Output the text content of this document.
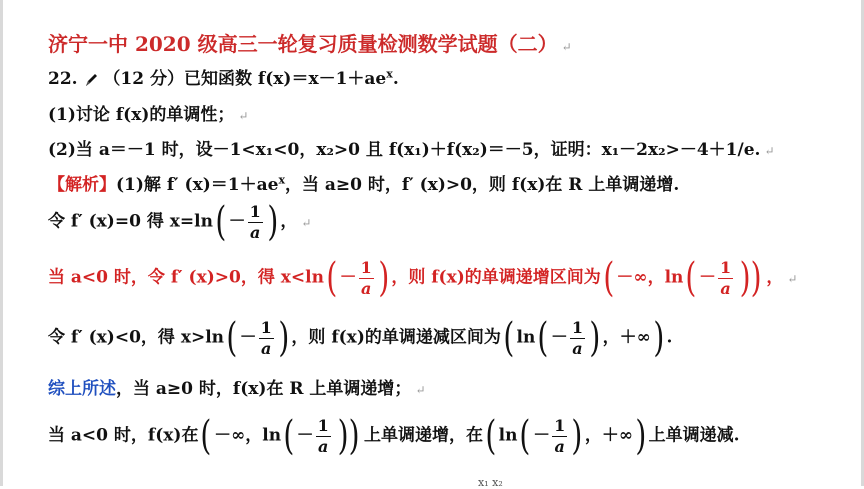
济宁一中 2020 级高三一轮复习质量检测数学试题（二） ↵
22. （12 分）已知函数 $f(x)=x-1+ae^x$.
(1)讨论 f(x)的单调性； ↵
(2)当 a＝－1 时，设－1<x₁<0，x₂>0 且 f(x₁)＋f(x₂)＝－5，证明：x₁－2x₂>－4＋1/e. ↵
【解析】(1)解 f′ $(x)=1+ae^x$，当 a≥0 时，f′ (x)>0，则 f(x)在 R 上单调递增.
令 f′ (x)=0 得 $x=\ln( - \frac{1}{a}$ ) ， ↵
当 a<0 时，令 f′ (x)>0，得 $x<\ln( - \frac{1}{a}$ ) ，则 f(x)的单调递增区间为( －∞，$\ln( - \frac{1}{a}$ )) ， ↵
令 f′ (x)<0，得 $x>\ln( - \frac{1}{a}$ ) ，则 f(x)的单调递减区间为( $\ln( - \frac{1}{a}$ ) ，＋∞) .
综上所述，当 a≥0 时，f(x)在 R 上单调递增； ↵
当 a<0 时，f(x)在( －∞，$\ln( - \frac{1}{a}$ )) 上单调递增，在( $\ln( - \frac{1}{a}$ ) ，＋∞) 上单调递减.
x₁ x₂
